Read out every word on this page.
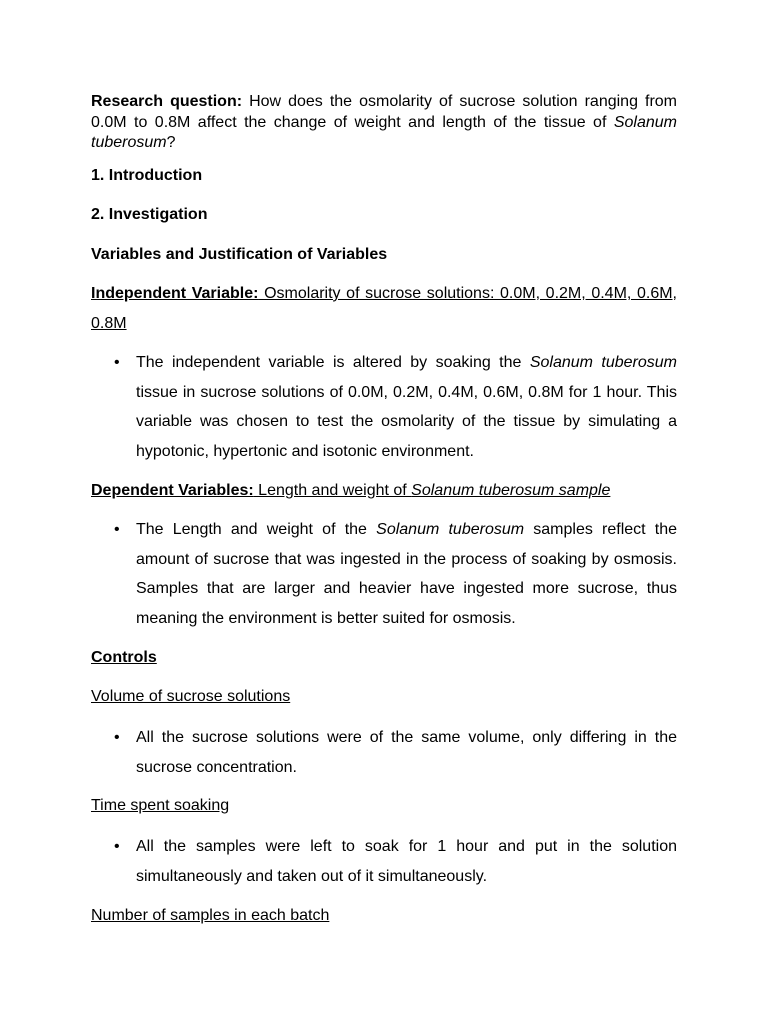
Research question: How does the osmolarity of sucrose solution ranging from 0.0M to 0.8M affect the change of weight and length of the tissue of Solanum tuberosum?
1. Introduction
2. Investigation
Variables and Justification of Variables
Independent Variable: Osmolarity of sucrose solutions: 0.0M, 0.2M, 0.4M, 0.6M, 0.8M
• The independent variable is altered by soaking the Solanum tuberosum tissue in sucrose solutions of 0.0M, 0.2M, 0.4M, 0.6M, 0.8M for 1 hour. This variable was chosen to test the osmolarity of the tissue by simulating a hypotonic, hypertonic and isotonic environment.
Dependent Variables: Length and weight of Solanum tuberosum sample
• The Length and weight of the Solanum tuberosum samples reflect the amount of sucrose that was ingested in the process of soaking by osmosis. Samples that are larger and heavier have ingested more sucrose, thus meaning the environment is better suited for osmosis.
Controls
Volume of sucrose solutions
• All the sucrose solutions were of the same volume, only differing in the sucrose concentration.
Time spent soaking
• All the samples were left to soak for 1 hour and put in the solution simultaneously and taken out of it simultaneously.
Number of samples in each batch
